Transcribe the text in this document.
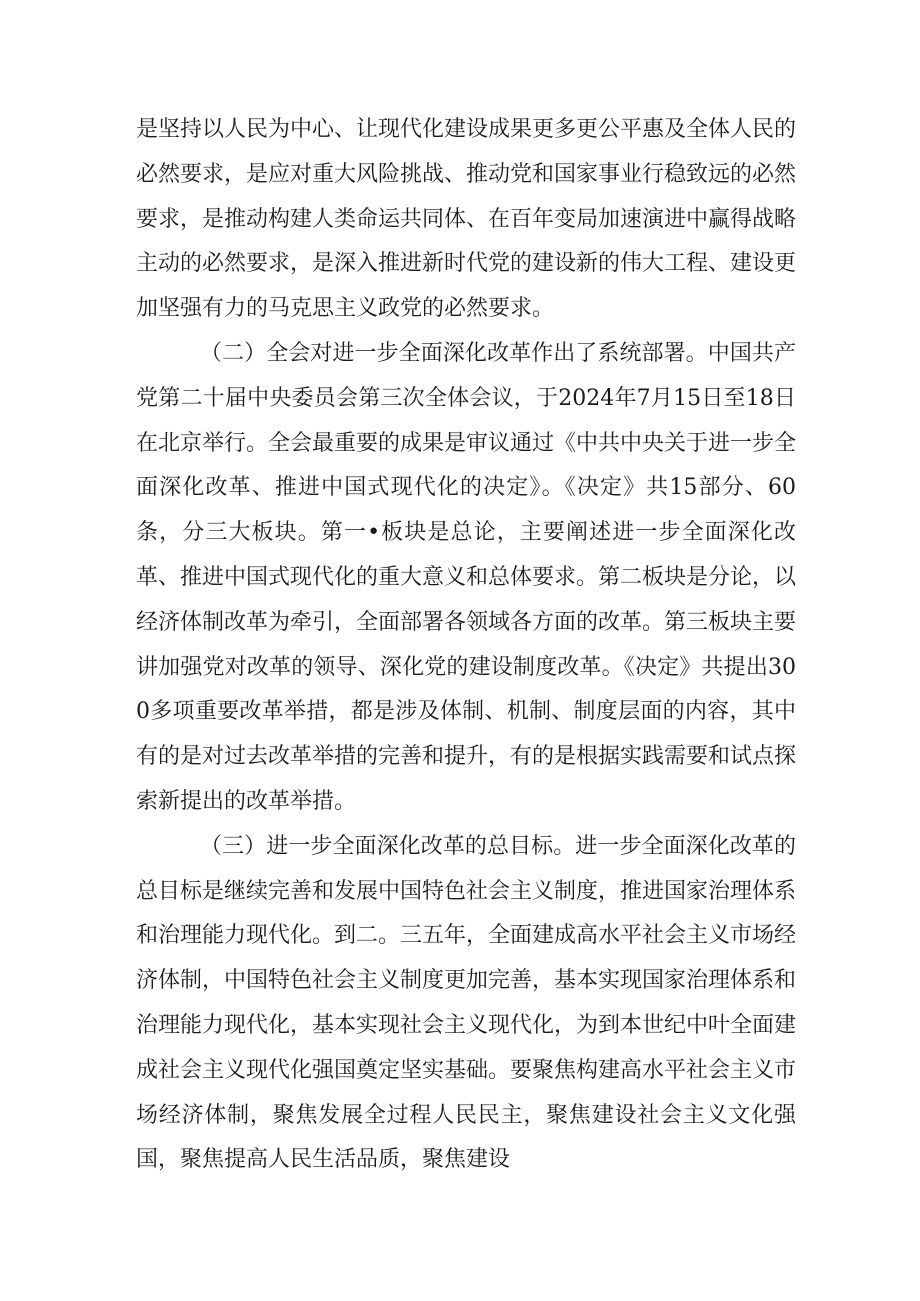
是坚持以人民为中心、让现代化建设成果更多更公平惠及全体人民的必然要求，是应对重大风险挑战、推动党和国家事业行稳致远的必然要求，是推动构建人类命运共同体、在百年变局加速演进中赢得战略主动的必然要求，是深入推进新时代党的建设新的伟大工程、建设更加坚强有力的马克思主义政党的必然要求。

（二）全会对进一步全面深化改革作出了系统部署。中国共产党第二十届中央委员会第三次全体会议，于2024年7月15日至18日在北京举行。全会最重要的成果是审议通过《中共中央关于进一步全面深化改革、推进中国式现代化的决定》。《决定》共15部分、60条，分三大板块。第一•板块是总论，主要阐述进一步全面深化改革、推进中国式现代化的重大意义和总体要求。第二板块是分论，以经济体制改革为牵引，全面部署各领域各方面的改革。第三板块主要讲加强党对改革的领导、深化党的建设制度改革。《决定》共提出300多项重要改革举措，都是涉及体制、机制、制度层面的内容，其中有的是对过去改革举措的完善和提升，有的是根据实践需要和试点探索新提出的改革举措。

（三）进一步全面深化改革的总目标。进一步全面深化改革的总目标是继续完善和发展中国特色社会主义制度，推进国家治理体系和治理能力现代化。到二。三五年，全面建成高水平社会主义市场经济体制，中国特色社会主义制度更加完善，基本实现国家治理体系和治理能力现代化，基本实现社会主义现代化，为到本世纪中叶全面建成社会主义现代化强国奠定坚实基础。要聚焦构建高水平社会主义市场经济体制，聚焦发展全过程人民民主，聚焦建设社会主义文化强国，聚焦提高人民生活品质，聚焦建设
